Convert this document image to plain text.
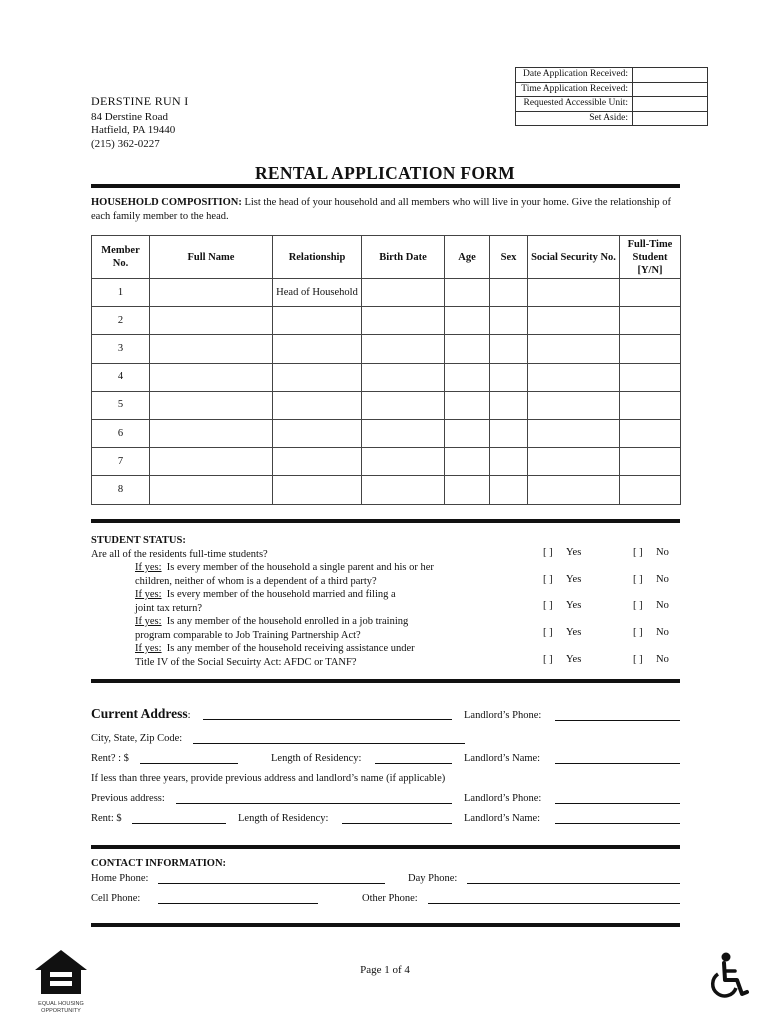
Date Application Received:	
Time Application Received:	
Requested Accessible Unit:	
Set Aside:	
DERSTINE RUN I
84 Derstine Road
Hatfield, PA 19440
(215) 362-0227
RENTAL APPLICATION FORM
HOUSEHOLD COMPOSITION: List the head of your household and all members who will live in your home. Give the relationship of each family member to the head.
Member No.	Full Name	Relationship	Birth Date	Age	Sex	Social Security No.	Full-Time Student [Y/N]
1		Head of Household					
2							
3							
4							
5							
6							
7							
8							
STUDENT STATUS:
Are all of the residents full-time students?
If yes: Is every member of the household a single parent and his or her
children, neither of whom is a dependent of a third party?
If yes: Is every member of the household married and filing a
joint tax return?
If yes: Is any member of the household enrolled in a job training
program comparable to Job Training Partnership Act?
If yes: Is any member of the household receiving assistance under
Title IV of the Social Secuirty Act: AFDC or TANF?
[ ] Yes	[ ] No
[ ] Yes	[ ] No
[ ] Yes	[ ] No
[ ] Yes	[ ] No
[ ] Yes	[ ] No
Current Address:	Landlord’s Phone:
City, State, Zip Code:
Rent? : $	Length of Residency:	Landlord’s Name:
If less than three years, provide previous address and landlord’s name (if applicable)
Previous address:	Landlord’s Phone:
Rent: $	Length of Residency:	Landlord’s Name:
CONTACT INFORMATION:
Home Phone:	Day Phone:
Cell Phone:	Other Phone:
EQUAL HOUSING OPPORTUNITY
Page 1 of 4
